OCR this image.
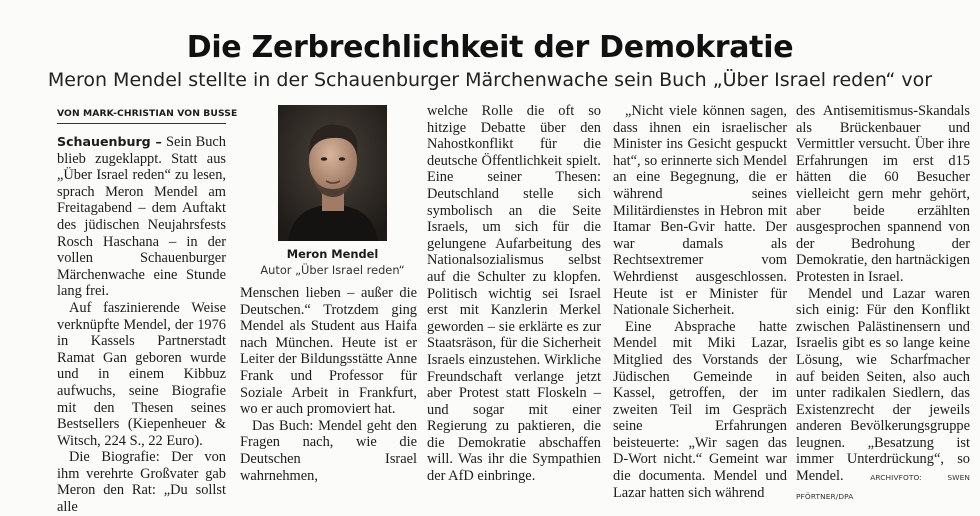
Die Zerbrechlichkeit der Demokratie
Meron Mendel stellte in der Schauenburger Märchenwache sein Buch „Über Israel reden“ vor
VON MARK-CHRISTIAN VON BUSSE

Schauenburg – Sein Buch blieb zugeklappt. Statt aus „Über Israel reden“ zu lesen, sprach Meron Mendel am Freitagabend – dem Auftakt des jüdischen Neujahrsfests Rosch Haschana – in der vollen Schauenburger Märchenwache eine Stunde lang frei.

Auf faszinierende Weise verknüpfte Mendel, der 1976 in Kassels Partnerstadt Ramat Gan geboren wurde und in einem Kibbuz aufwuchs, seine Biografie mit den Thesen seines Bestsellers (Kiepenheuer & Witsch, 224 S., 22 Euro).

Die Biografie: Der von ihm verehrte Großvater gab Meron den Rat: „Du sollst alle

Meron Mendel
Autor „Über Israel reden“

Menschen lieben – außer die Deutschen.“ Trotzdem ging Mendel als Student aus Haifa nach München. Heute ist er Leiter der Bildungsstätte Anne Frank und Professor für Soziale Arbeit in Frankfurt, wo er auch promoviert hat.

Das Buch: Mendel geht den Fragen nach, wie die Deutschen Israel wahrnehmen,

welche Rolle die oft so hitzige Debatte über den Nahostkonflikt für die deutsche Öffentlichkeit spielt. Eine seiner Thesen: Deutschland stelle sich symbolisch an die Seite Israels, um sich für die gelungene Aufarbeitung des Nationalsozialismus selbst auf die Schulter zu klopfen. Politisch wichtig sei Israel erst mit Kanzlerin Merkel geworden – sie erklärte es zur Staatsräson, für die Sicherheit Israels einzustehen. Wirkliche Freundschaft verlange jetzt aber Protest statt Floskeln – und sogar mit einer Regierung zu paktieren, die die Demokratie abschaffen will. Was ihr die Sympathien der AfD einbringe.

„Nicht viele können sagen, dass ihnen ein israelischer Minister ins Gesicht gespuckt hat“, so erinnerte sich Mendel an eine Begegnung, die er während seines Militärdienstes in Hebron mit Itamar Ben-Gvir hatte. Der war damals als Rechtsextremer vom Wehrdienst ausgeschlossen. Heute ist er Minister für Nationale Sicherheit.

Eine Absprache hatte Mendel mit Miki Lazar, Mitglied des Vorstands der Jüdischen Gemeinde in Kassel, getroffen, der im zweiten Teil im Gespräch seine Erfahrungen beisteuerte: „Wir sagen das D-Wort nicht.“ Gemeint war die documenta. Mendel und Lazar hatten sich während

des Antisemitismus-Skandals als Brückenbauer und Vermittler versucht. Über ihre Erfahrungen im erst d15 hätten die 60 Besucher vielleicht gern mehr gehört, aber beide erzählten ausgesprochen spannend von der Bedrohung der Demokratie, den hartnäckigen Protesten in Israel.

Mendel und Lazar waren sich einig: Für den Konflikt zwischen Palästinensern und Israelis gibt es so lange keine Lösung, wie Scharfmacher auf beiden Seiten, also auch unter radikalen Siedlern, das Existenzrecht der jeweils anderen Bevölkerungsgruppe leugnen. „Besatzung ist immer Unterdrückung“, so Mendel.	ARCHIVFOTO: SWEN PFÖRTNER/DPA
